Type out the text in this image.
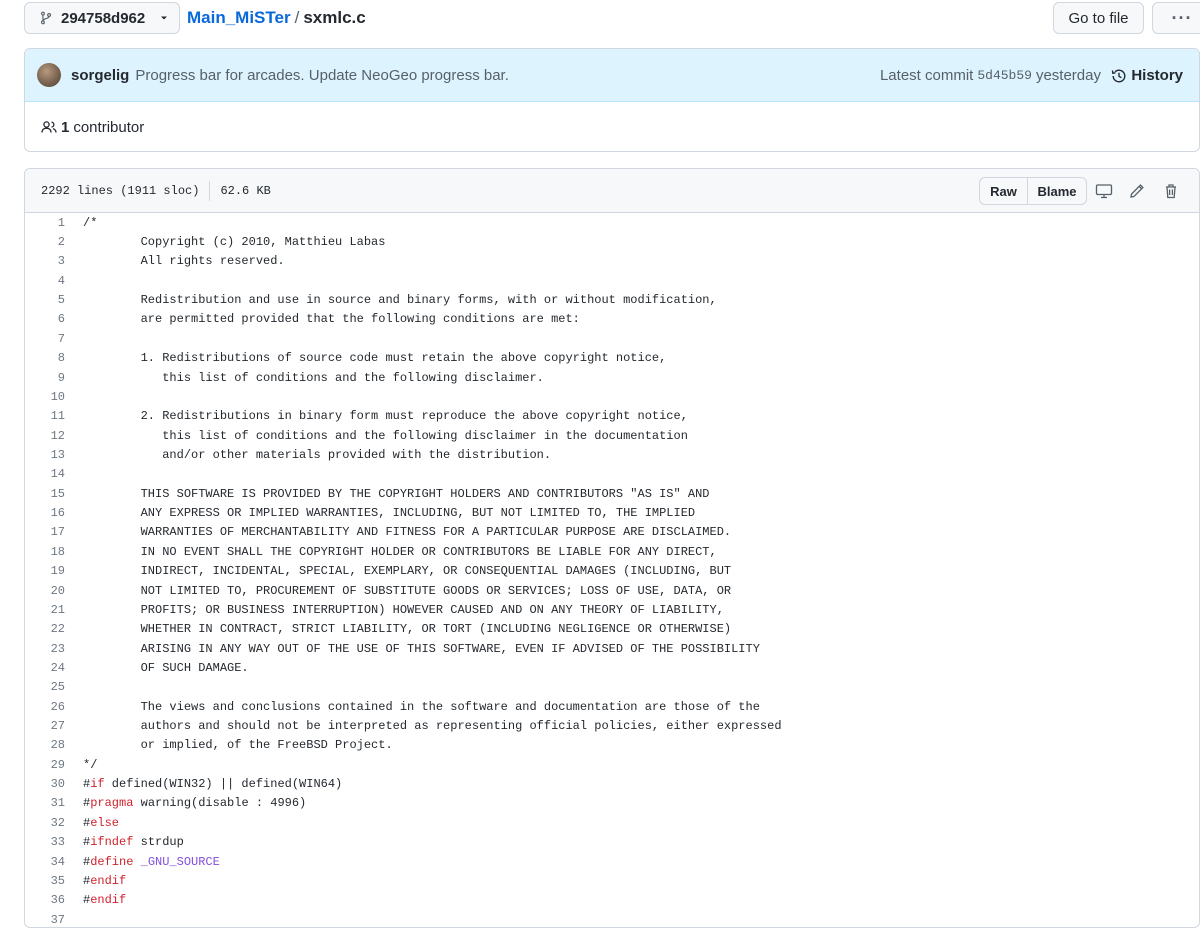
294758d962 Main_MiSTer / sxmlc.c	Go to file	···
sorgelig Progress bar for arcades. Update NeoGeo progress bar.	Latest commit 5d45b59 yesterday History
1 contributor
2292 lines (1911 sloc) 62.6 KB	Raw	Blame
1	/*
2	Copyright (c) 2010, Matthieu Labas
3	All rights reserved.
4
5	Redistribution and use in source and binary forms, with or without modification,
6	are permitted provided that the following conditions are met:
7
8	1. Redistributions of source code must retain the above copyright notice,
9	this list of conditions and the following disclaimer.
10
11	2. Redistributions in binary form must reproduce the above copyright notice,
12	this list of conditions and the following disclaimer in the documentation
13	and/or other materials provided with the distribution.
14
15	THIS SOFTWARE IS PROVIDED BY THE COPYRIGHT HOLDERS AND CONTRIBUTORS "AS IS" AND
16	ANY EXPRESS OR IMPLIED WARRANTIES, INCLUDING, BUT NOT LIMITED TO, THE IMPLIED
17	WARRANTIES OF MERCHANTABILITY AND FITNESS FOR A PARTICULAR PURPOSE ARE DISCLAIMED.
18	IN NO EVENT SHALL THE COPYRIGHT HOLDER OR CONTRIBUTORS BE LIABLE FOR ANY DIRECT,
19	INDIRECT, INCIDENTAL, SPECIAL, EXEMPLARY, OR CONSEQUENTIAL DAMAGES (INCLUDING, BUT
20	NOT LIMITED TO, PROCUREMENT OF SUBSTITUTE GOODS OR SERVICES; LOSS OF USE, DATA, OR
21	PROFITS; OR BUSINESS INTERRUPTION) HOWEVER CAUSED AND ON ANY THEORY OF LIABILITY,
22	WHETHER IN CONTRACT, STRICT LIABILITY, OR TORT (INCLUDING NEGLIGENCE OR OTHERWISE)
23	ARISING IN ANY WAY OUT OF THE USE OF THIS SOFTWARE, EVEN IF ADVISED OF THE POSSIBILITY
24	OF SUCH DAMAGE.
25
26	The views and conclusions contained in the software and documentation are those of the
27	authors and should not be interpreted as representing official policies, either expressed
28	or implied, of the FreeBSD Project.
29	*/
30	#if defined(WIN32) || defined(WIN64)
31	#pragma warning(disable : 4996)
32	#else
33	#ifndef strdup
34	#define _GNU_SOURCE
35	#endif
36	#endif
37
